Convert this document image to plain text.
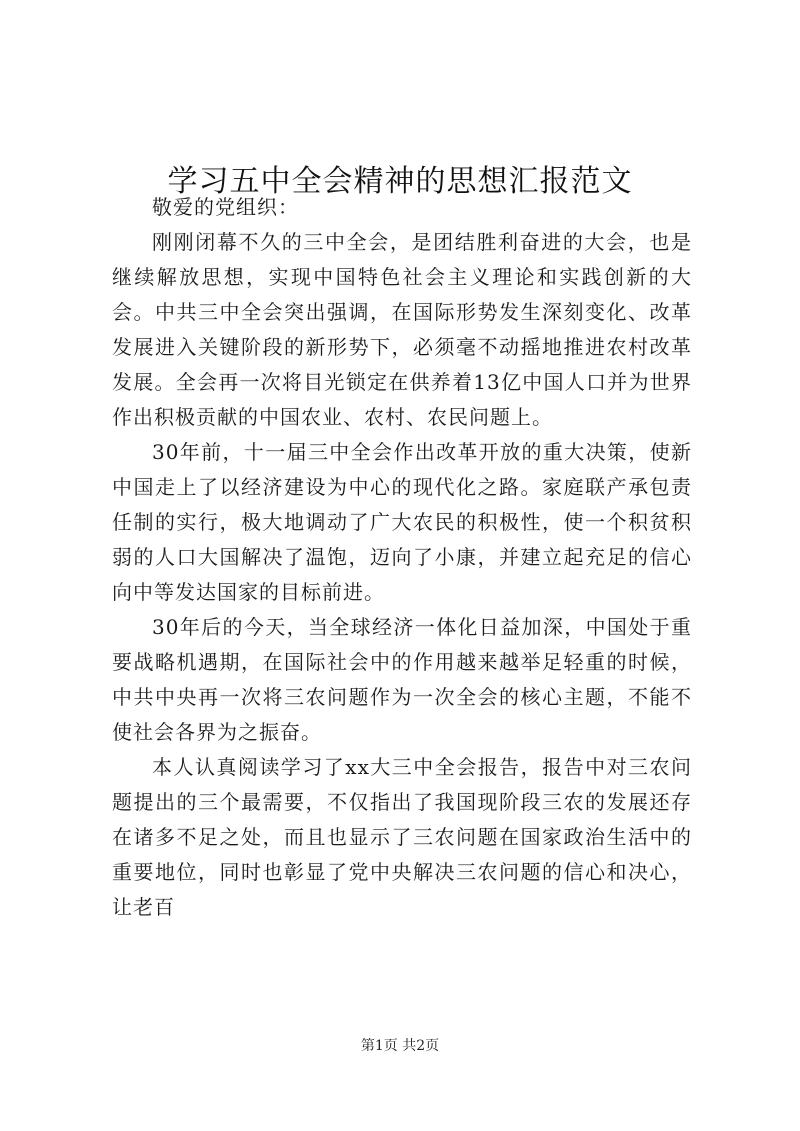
学习五中全会精神的思想汇报范文

敬爱的党组织：

刚刚闭幕不久的三中全会，是团结胜利奋进的大会，也是继续解放思想，实现中国特色社会主义理论和实践创新的大会。中共三中全会突出强调，在国际形势发生深刻变化、改革发展进入关键阶段的新形势下，必须毫不动摇地推进农村改革发展。全会再一次将目光锁定在供养着13亿中国人口并为世界作出积极贡献的中国农业、农村、农民问题上。

30年前，十一届三中全会作出改革开放的重大决策，使新中国走上了以经济建设为中心的现代化之路。家庭联产承包责任制的实行，极大地调动了广大农民的积极性，使一个积贫积弱的人口大国解决了温饱，迈向了小康，并建立起充足的信心向中等发达国家的目标前进。

30年后的今天，当全球经济一体化日益加深，中国处于重要战略机遇期，在国际社会中的作用越来越举足轻重的时候，中共中央再一次将三农问题作为一次全会的核心主题，不能不使社会各界为之振奋。

本人认真阅读学习了xx大三中全会报告，报告中对三农问题提出的三个最需要，不仅指出了我国现阶段三农的发展还存在诸多不足之处，而且也显示了三农问题在国家政治生活中的重要地位，同时也彰显了党中央解决三农问题的信心和决心，让老百

第1页 共2页
